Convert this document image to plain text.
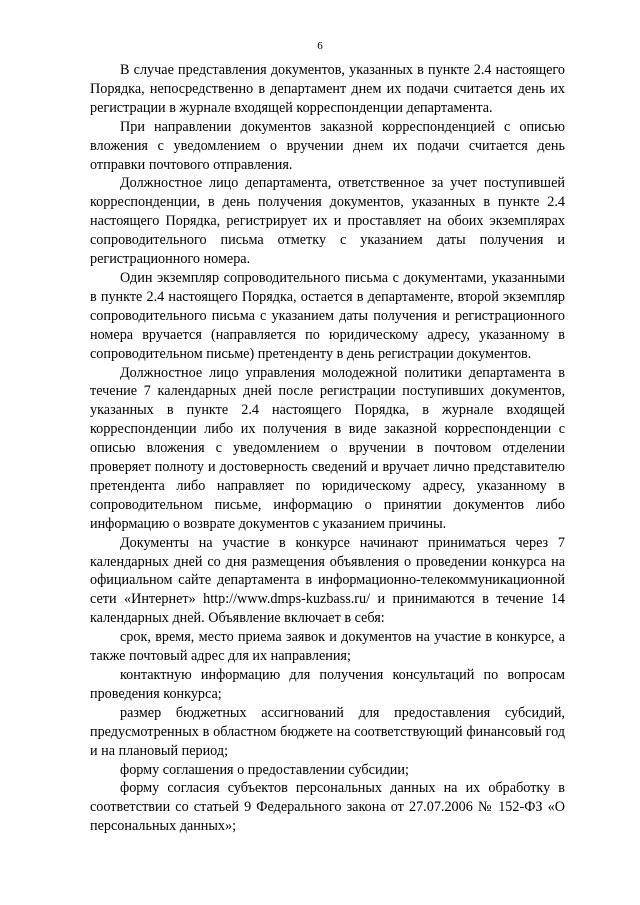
6

В случае представления документов, указанных в пункте 2.4 настоящего Порядка, непосредственно в департамент днем их подачи считается день их регистрации в журнале входящей корреспонденции департамента.

При направлении документов заказной корреспонденцией с описью вложения с уведомлением о вручении днем их подачи считается день отправки почтового отправления.

Должностное лицо департамента, ответственное за учет поступившей корреспонденции, в день получения документов, указанных в пункте 2.4 настоящего Порядка, регистрирует их и проставляет на обоих экземплярах сопроводительного письма отметку с указанием даты получения и регистрационного номера.

Один экземпляр сопроводительного письма с документами, указанными в пункте 2.4 настоящего Порядка, остается в департаменте, второй экземпляр сопроводительного письма с указанием даты получения и регистрационного номера вручается (направляется по юридическому адресу, указанному в сопроводительном письме) претенденту в день регистрации документов.

Должностное лицо управления молодежной политики департамента в течение 7 календарных дней после регистрации поступивших документов, указанных в пункте 2.4 настоящего Порядка, в журнале входящей корреспонденции либо их получения в виде заказной корреспонденции с описью вложения с уведомлением о вручении в почтовом отделении проверяет полноту и достоверность сведений и вручает лично представителю претендента либо направляет по юридическому адресу, указанному в сопроводительном письме, информацию о принятии документов либо информацию о возврате документов с указанием причины.

Документы на участие в конкурсе начинают приниматься через 7 календарных дней со дня размещения объявления о проведении конкурса на официальном сайте департамента в информационно-телекоммуникационной сети «Интернет» http://www.dmps-kuzbass.ru/ и принимаются в течение 14 календарных дней. Объявление включает в себя:

срок, время, место приема заявок и документов на участие в конкурсе, а также почтовый адрес для их направления;

контактную информацию для получения консультаций по вопросам проведения конкурса;

размер бюджетных ассигнований для предоставления субсидий, предусмотренных в областном бюджете на соответствующий финансовый год и на плановый период;

форму соглашения о предоставлении субсидии;

форму согласия субъектов персональных данных на их обработку в соответствии со статьей 9 Федерального закона от 27.07.2006 № 152-ФЗ «О персональных данных»;
